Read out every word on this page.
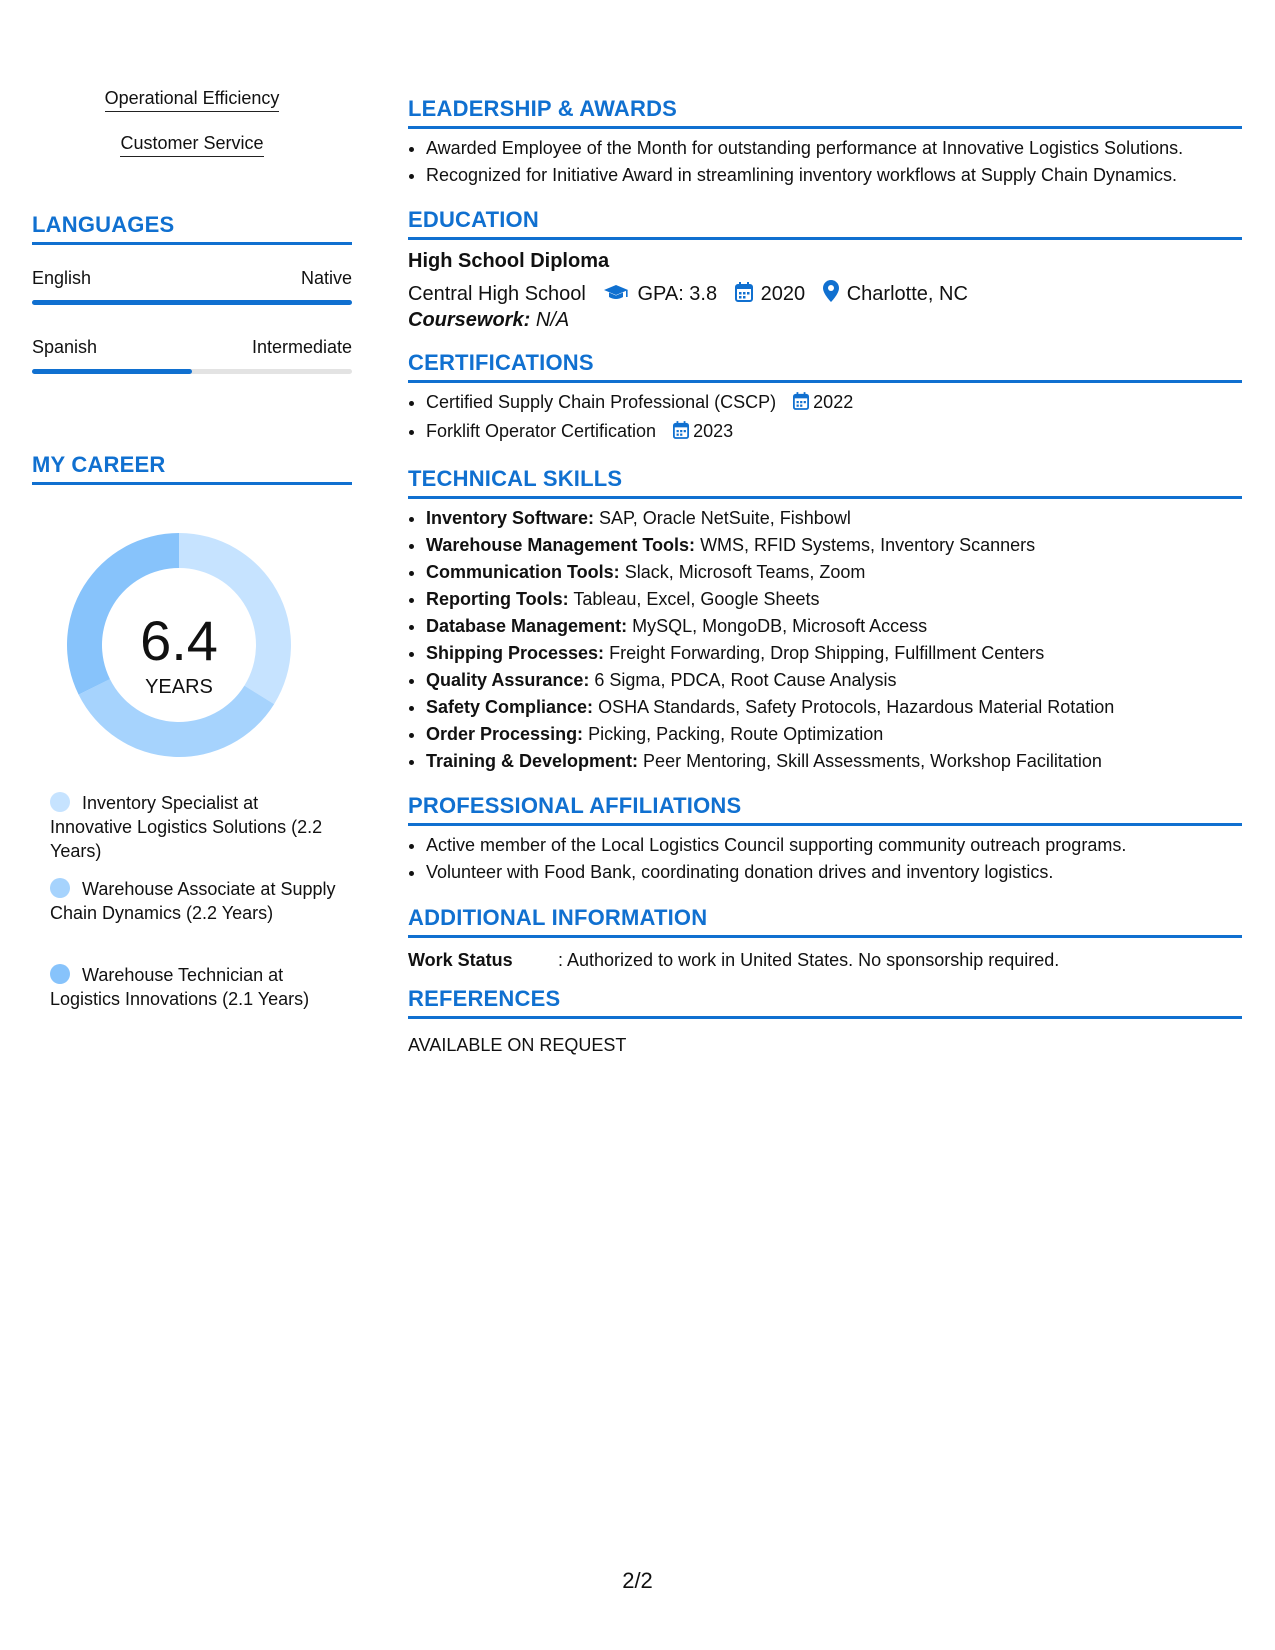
Operational Efficiency
Customer Service
LANGUAGES
English	Native
Spanish	Intermediate
MY CAREER
6.4
YEARS
Inventory Specialist at Innovative Logistics Solutions (2.2 Years)
Warehouse Associate at Supply Chain Dynamics (2.2 Years)
Warehouse Technician at Logistics Innovations (2.1 Years)
LEADERSHIP & AWARDS
• Awarded Employee of the Month for outstanding performance at Innovative Logistics Solutions.
• Recognized for Initiative Award in streamlining inventory workflows at Supply Chain Dynamics.
EDUCATION
High School Diploma
Central High School	GPA: 3.8 2020 Charlotte, NC
Coursework: N/A
CERTIFICATIONS
• Certified Supply Chain Professional (CSCP) 2022
• Forklift Operator Certification 2023
TECHNICAL SKILLS
• Inventory Software: SAP, Oracle NetSuite, Fishbowl
• Warehouse Management Tools: WMS, RFID Systems, Inventory Scanners
• Communication Tools: Slack, Microsoft Teams, Zoom
• Reporting Tools: Tableau, Excel, Google Sheets
• Database Management: MySQL, MongoDB, Microsoft Access
• Shipping Processes: Freight Forwarding, Drop Shipping, Fulfillment Centers
• Quality Assurance: 6 Sigma, PDCA, Root Cause Analysis
• Safety Compliance: OSHA Standards, Safety Protocols, Hazardous Material Rotation
• Order Processing: Picking, Packing, Route Optimization
• Training & Development: Peer Mentoring, Skill Assessments, Workshop Facilitation
PROFESSIONAL AFFILIATIONS
• Active member of the Local Logistics Council supporting community outreach programs.
• Volunteer with Food Bank, coordinating donation drives and inventory logistics.
ADDITIONAL INFORMATION
Work Status	: Authorized to work in United States. No sponsorship required.
REFERENCES
AVAILABLE ON REQUEST
2/2
